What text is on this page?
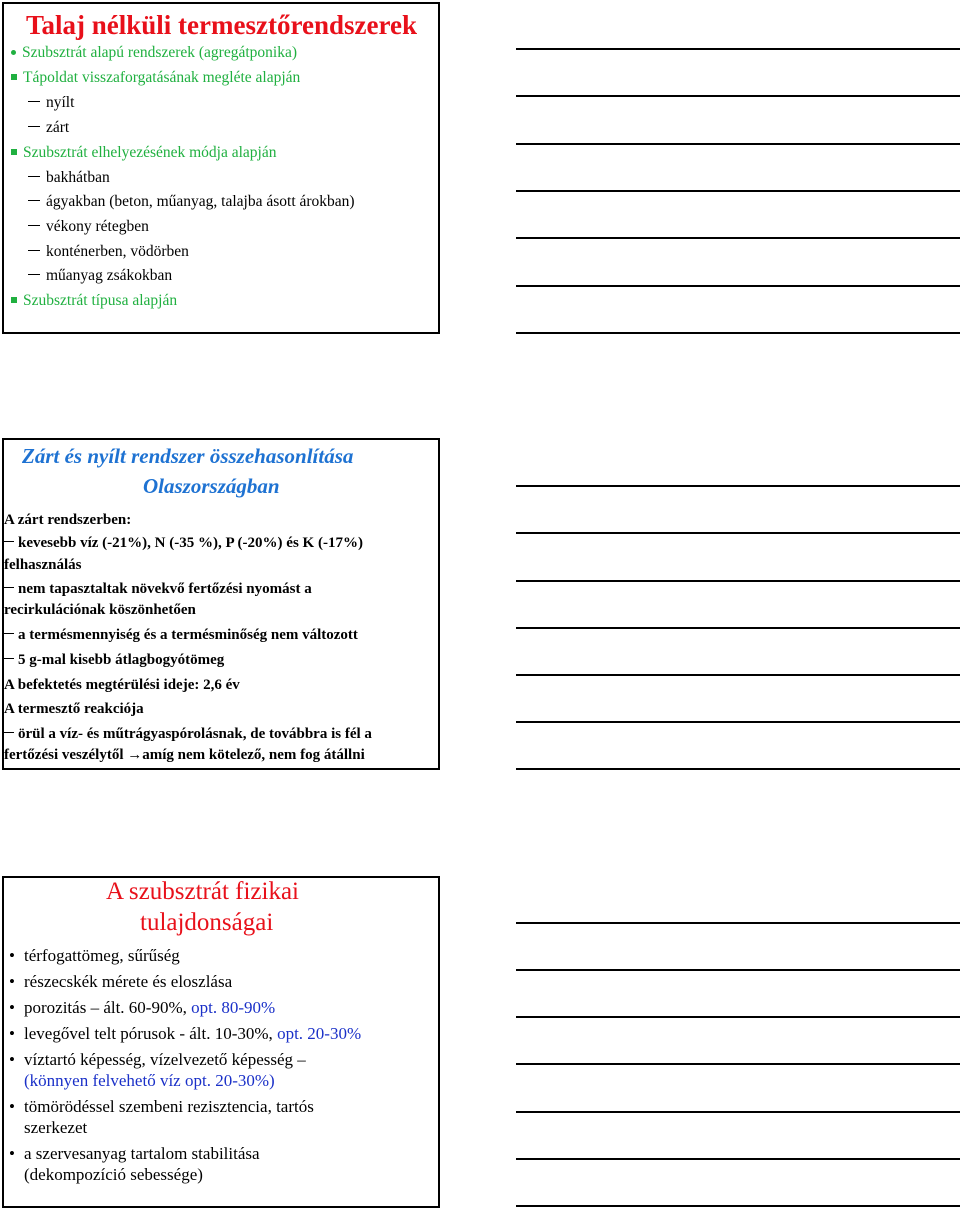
Talaj nélküli termesztőrendszerek
Szubsztrát alapú rendszerek (agregátponika)
Tápoldat visszaforgatásának megléte alapján
nyílt
zárt
Szubsztrát elhelyezésének módja alapján
bakhátban
ágyakban (beton, műanyag, talajba ásott árokban)
vékony rétegben
konténerben, vödörben
műanyag zsákokban
Szubsztrát típusa alapján
Zárt és nyílt rendszer összehasonlítása
Olaszországban
A zárt rendszerben:
kevesebb víz (-21%), N (-35 %), P (-20%) és K (-17%)
felhasználás
nem tapasztaltak növekvő fertőzési nyomást a
recirkulációnak köszönhetően
a termésmennyiség és a termésminőség nem változott
5 g-mal kisebb átlagbogyótömeg
A befektetés megtérülési ideje: 2,6 év
A termesztő reakciója
örül a víz- és műtrágyaspórolásnak, de továbbra is fél a
fertőzési veszélytől →amíg nem kötelező, nem fog átállni
A szubsztrát fizikai
tulajdonságai
• térfogattömeg, sűrűség
• részecskék mérete és eloszlása
• porozitás – ált. 60-90%, opt. 80-90%
• levegővel telt pórusok - ált. 10-30%, opt. 20-30%
• víztartó képesség, vízelvezető képesség –
(könnyen felvehető víz opt. 20-30%)
• tömörödéssel szembeni rezisztencia, tartós
szerkezet
• a szervesanyag tartalom stabilitása
(dekompozíció sebessége)
